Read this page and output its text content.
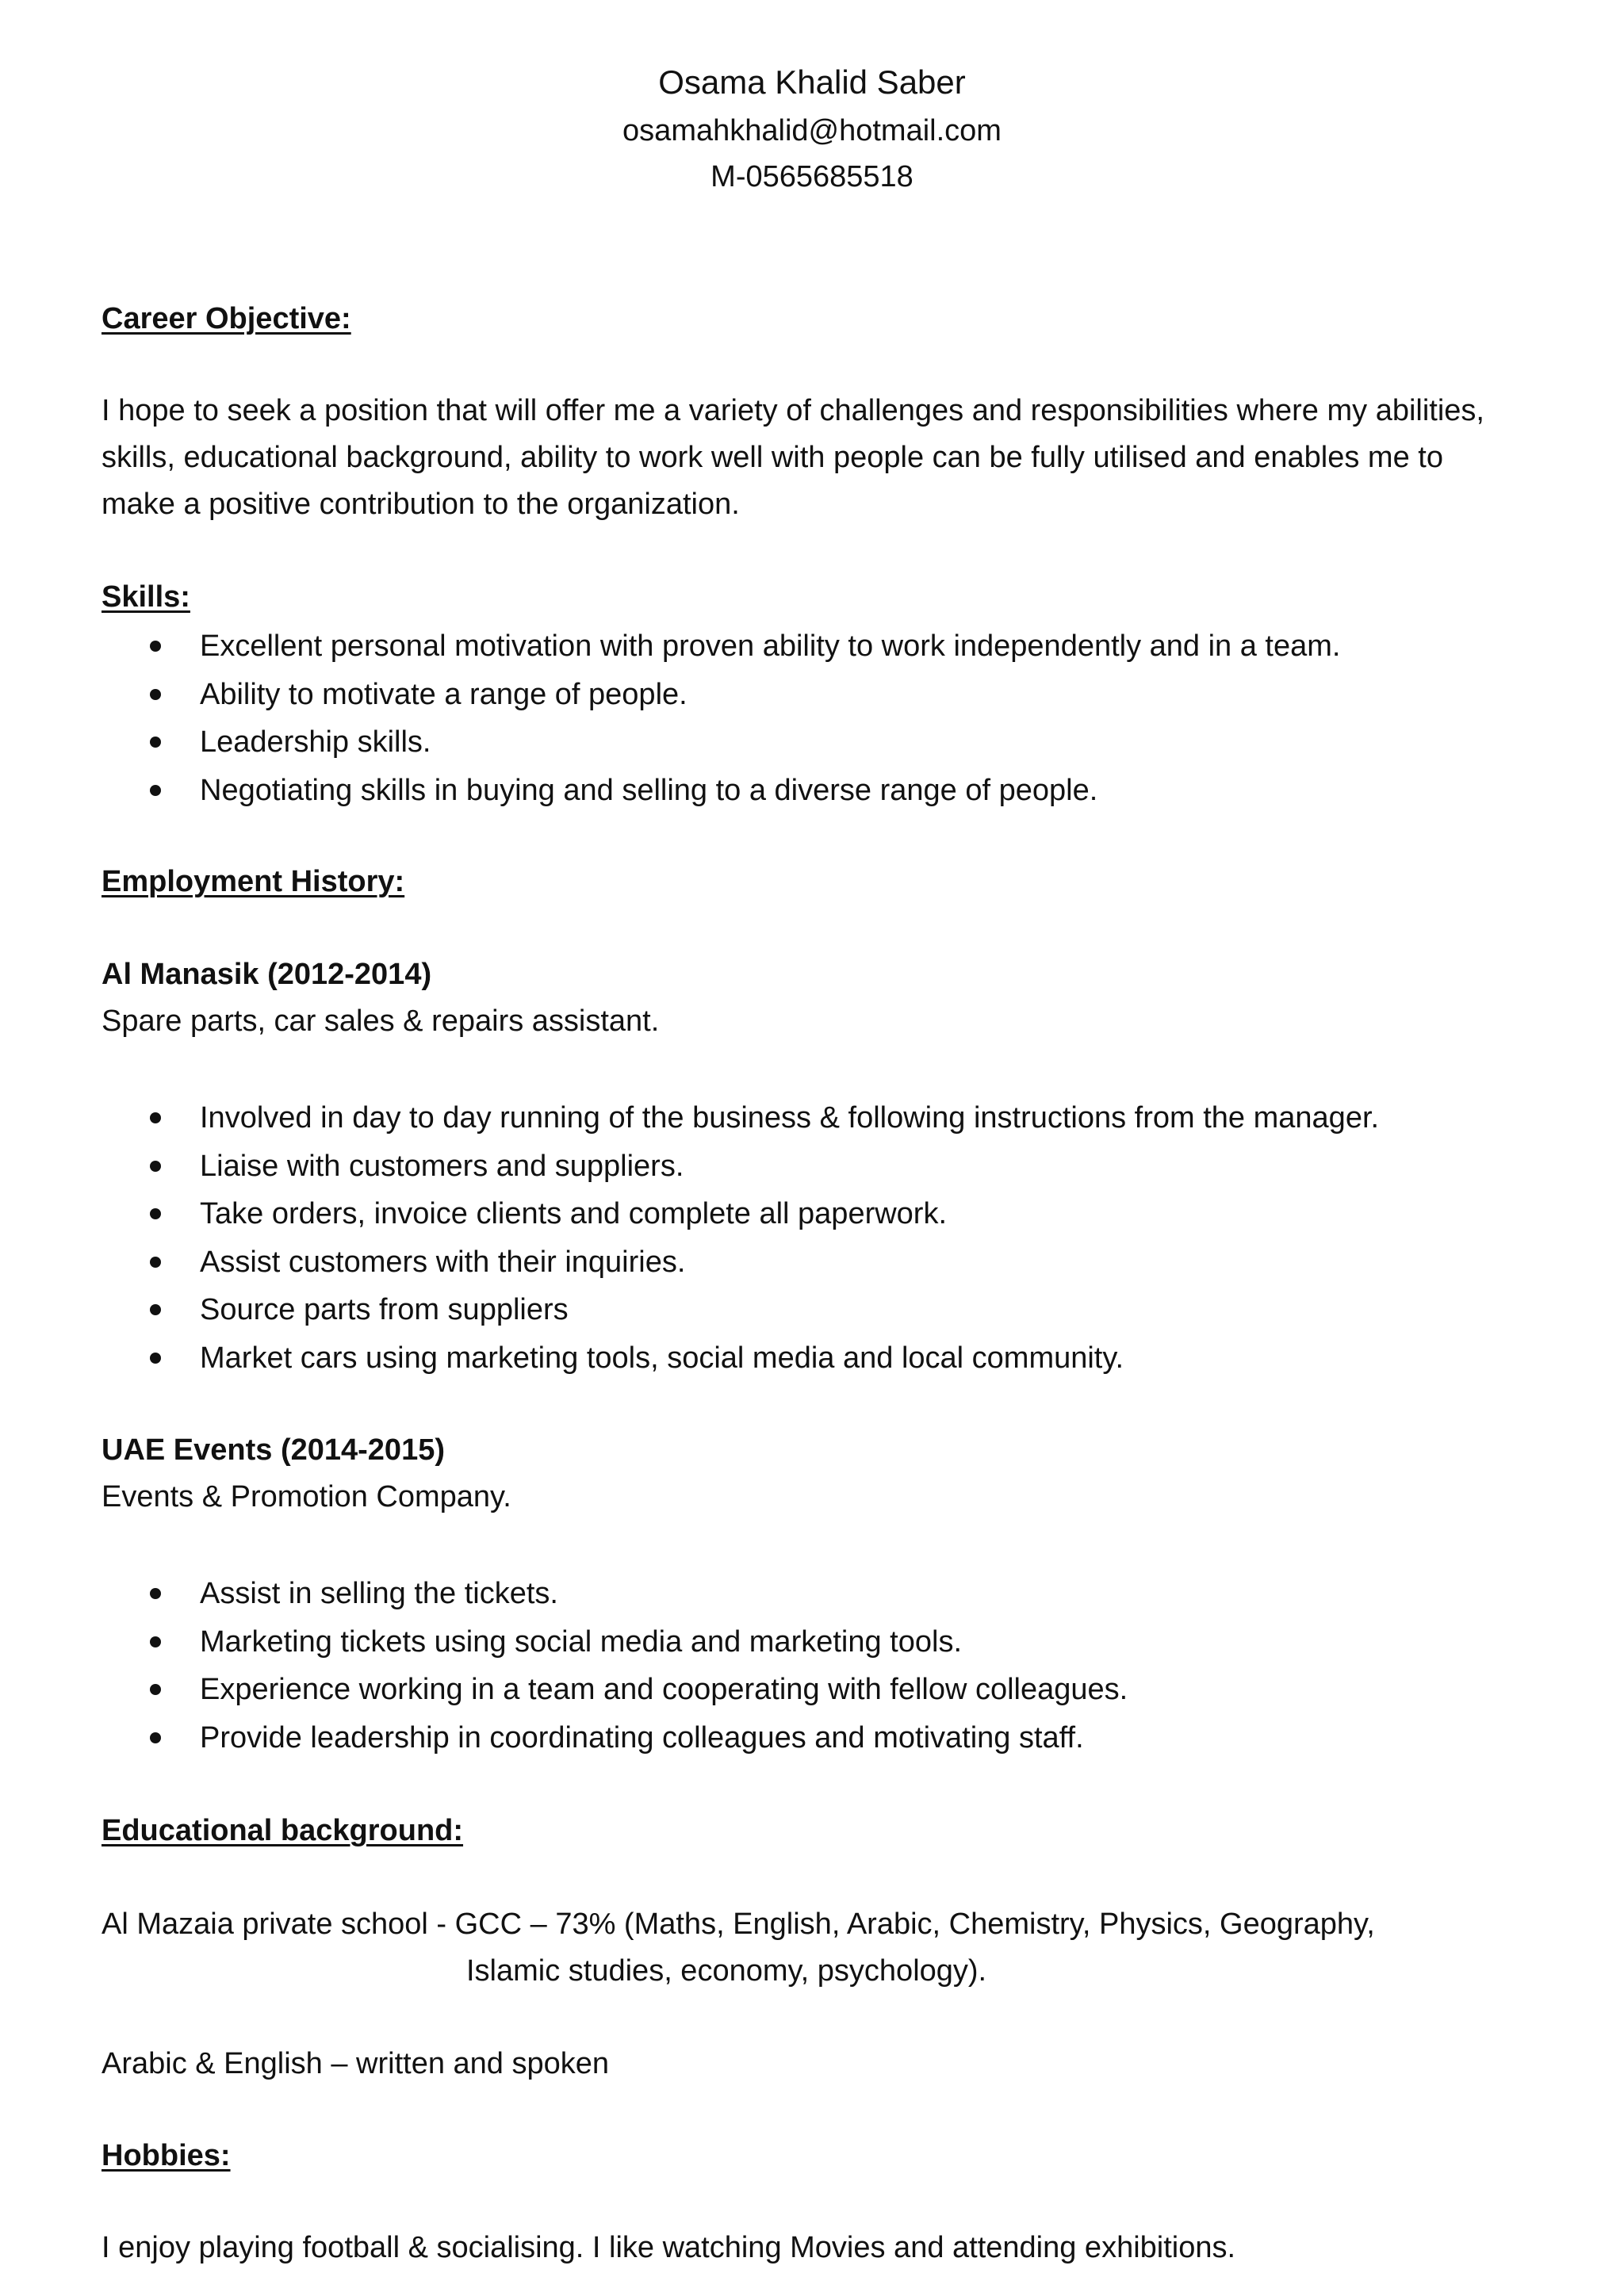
Osama Khalid Saber
osamahkhalid@hotmail.com
M-0565685518
Career Objective:
I hope to seek a position that will offer me a variety of challenges and responsibilities where my abilities,
skills, educational background, ability to work well with people can be fully utilised and enables me to
make a positive contribution to the organization.
Skills:
Excellent personal motivation with proven ability to work independently and in a team.
Ability to motivate a range of people.
Leadership skills.
Negotiating skills in buying and selling to a diverse range of people.
Employment History:
Al Manasik (2012-2014)
Spare parts, car sales & repairs assistant.
Involved in day to day running of the business & following instructions from the manager.
Liaise with customers and suppliers.
Take orders, invoice clients and complete all paperwork.
Assist customers with their inquiries.
Source parts from suppliers
Market cars using marketing tools, social media and local community.
UAE Events (2014-2015)
Events & Promotion Company.
Assist in selling the tickets.
Marketing tickets using social media and marketing tools.
Experience working in a team and cooperating with fellow colleagues.
Provide leadership in coordinating colleagues and motivating staff.
Educational background:
Al Mazaia private school - GCC – 73% (Maths, English, Arabic, Chemistry, Physics, Geography,
Islamic studies, economy, psychology).
Arabic & English – written and spoken
Hobbies:
I enjoy playing football & socialising. I like watching Movies and attending exhibitions.
